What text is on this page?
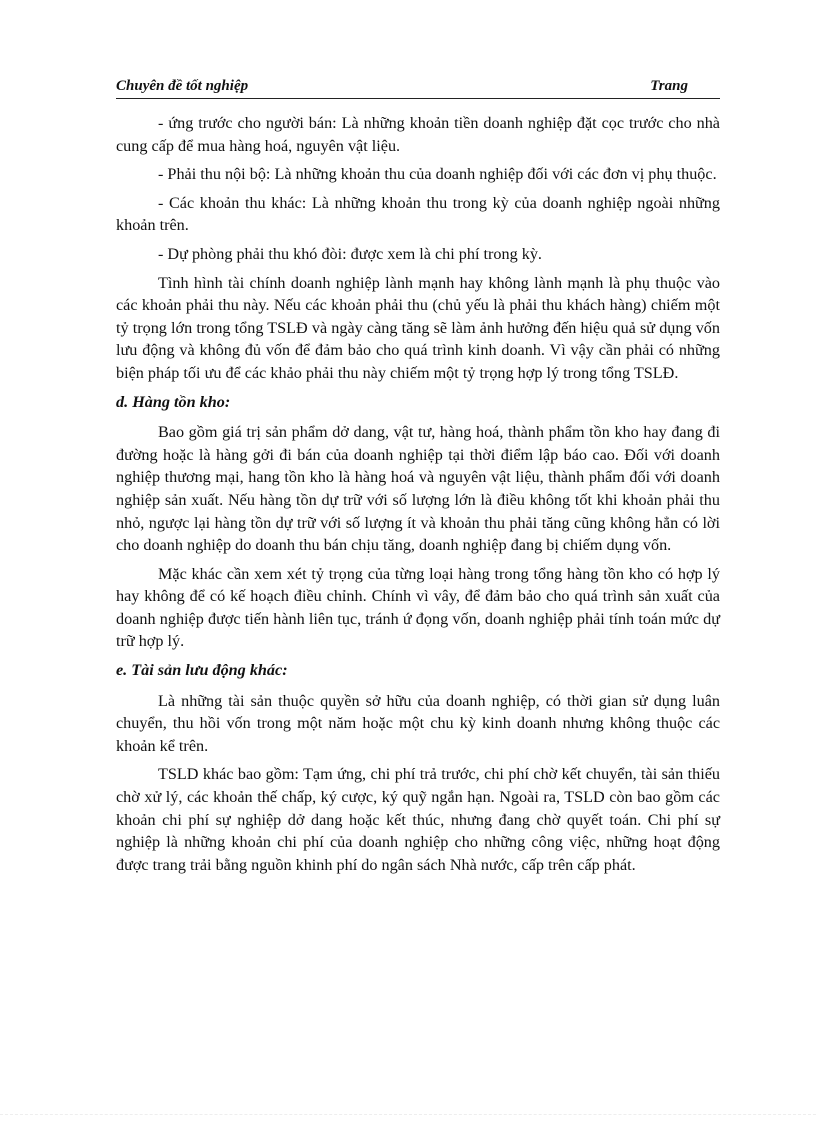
Chuyên đề tốt nghiệp	Trang

- ứng trước cho người bán: Là những khoản tiền doanh nghiệp đặt cọc trước cho nhà cung cấp để mua hàng hoá, nguyên vật liệu.

- Phải thu nội bộ: Là những khoản thu của doanh nghiệp đối với các đơn vị phụ thuộc.

- Các khoản thu khác: Là những khoản thu trong kỳ của doanh nghiệp ngoài những khoản trên.

- Dự phòng phải thu khó đòi: được xem là chi phí trong kỳ.

Tình hình tài chính doanh nghiệp lành mạnh hay không lành mạnh là phụ thuộc vào các khoản phải thu này. Nếu các khoản phải thu (chủ yếu là phải thu khách hàng) chiếm một tỷ trọng lớn trong tổng TSLĐ và ngày càng tăng sẽ làm ảnh hưởng đến hiệu quả sử dụng vốn lưu động và không đủ vốn để đảm bảo cho quá trình kinh doanh. Vì vậy cần phải có những biện pháp tối ưu để các khảo phải thu này chiếm một tỷ trọng hợp lý trong tổng TSLĐ.

d. Hàng tồn kho:

Bao gồm giá trị sản phẩm dở dang, vật tư, hàng hoá, thành phẩm tồn kho hay đang đi đường hoặc là hàng gởi đi bán của doanh nghiệp tại thời điểm lập báo cao. Đối với doanh nghiệp thương mại, hang tồn kho là hàng hoá và nguyên vật liệu, thành phẩm đối với doanh nghiệp sản xuất. Nếu hàng tồn dự trữ với số lượng lớn là điều không tốt khi khoản phải thu nhỏ, ngược lại hàng tồn dự trữ với số lượng ít và khoản thu phải tăng cũng không hẳn có lời cho doanh nghiệp do doanh thu bán chịu tăng, doanh nghiệp đang bị chiếm dụng vốn.

Mặc khác cần xem xét tỷ trọng của từng loại hàng trong tổng hàng tồn kho có hợp lý hay không để có kế hoạch điều chỉnh. Chính vì vây, để đảm bảo cho quá trình sản xuất của doanh nghiệp được tiến hành liên tục, tránh ứ đọng vốn, doanh nghiệp phải tính toán mức dự trữ hợp lý.

e. Tài sản lưu động khác:

Là những tài sản thuộc quyền sở hữu của doanh nghiệp, có thời gian sử dụng luân chuyển, thu hồi vốn trong một năm hoặc một chu kỳ kinh doanh nhưng không thuộc các khoản kể trên.

TSLD khác bao gồm: Tạm ứng, chi phí trả trước, chi phí chờ kết chuyển, tài sản thiếu chờ xử lý, các khoản thế chấp, ký cược, ký quỹ ngắn hạn. Ngoài ra, TSLD còn bao gồm các khoản chi phí sự nghiệp dở dang hoặc kết thúc, nhưng đang chờ quyết toán. Chi phí sự nghiệp là những khoản chi phí của doanh nghiệp cho những công việc, những hoạt động được trang trải bằng nguồn khinh phí do ngân sách Nhà nước, cấp trên cấp phát.
